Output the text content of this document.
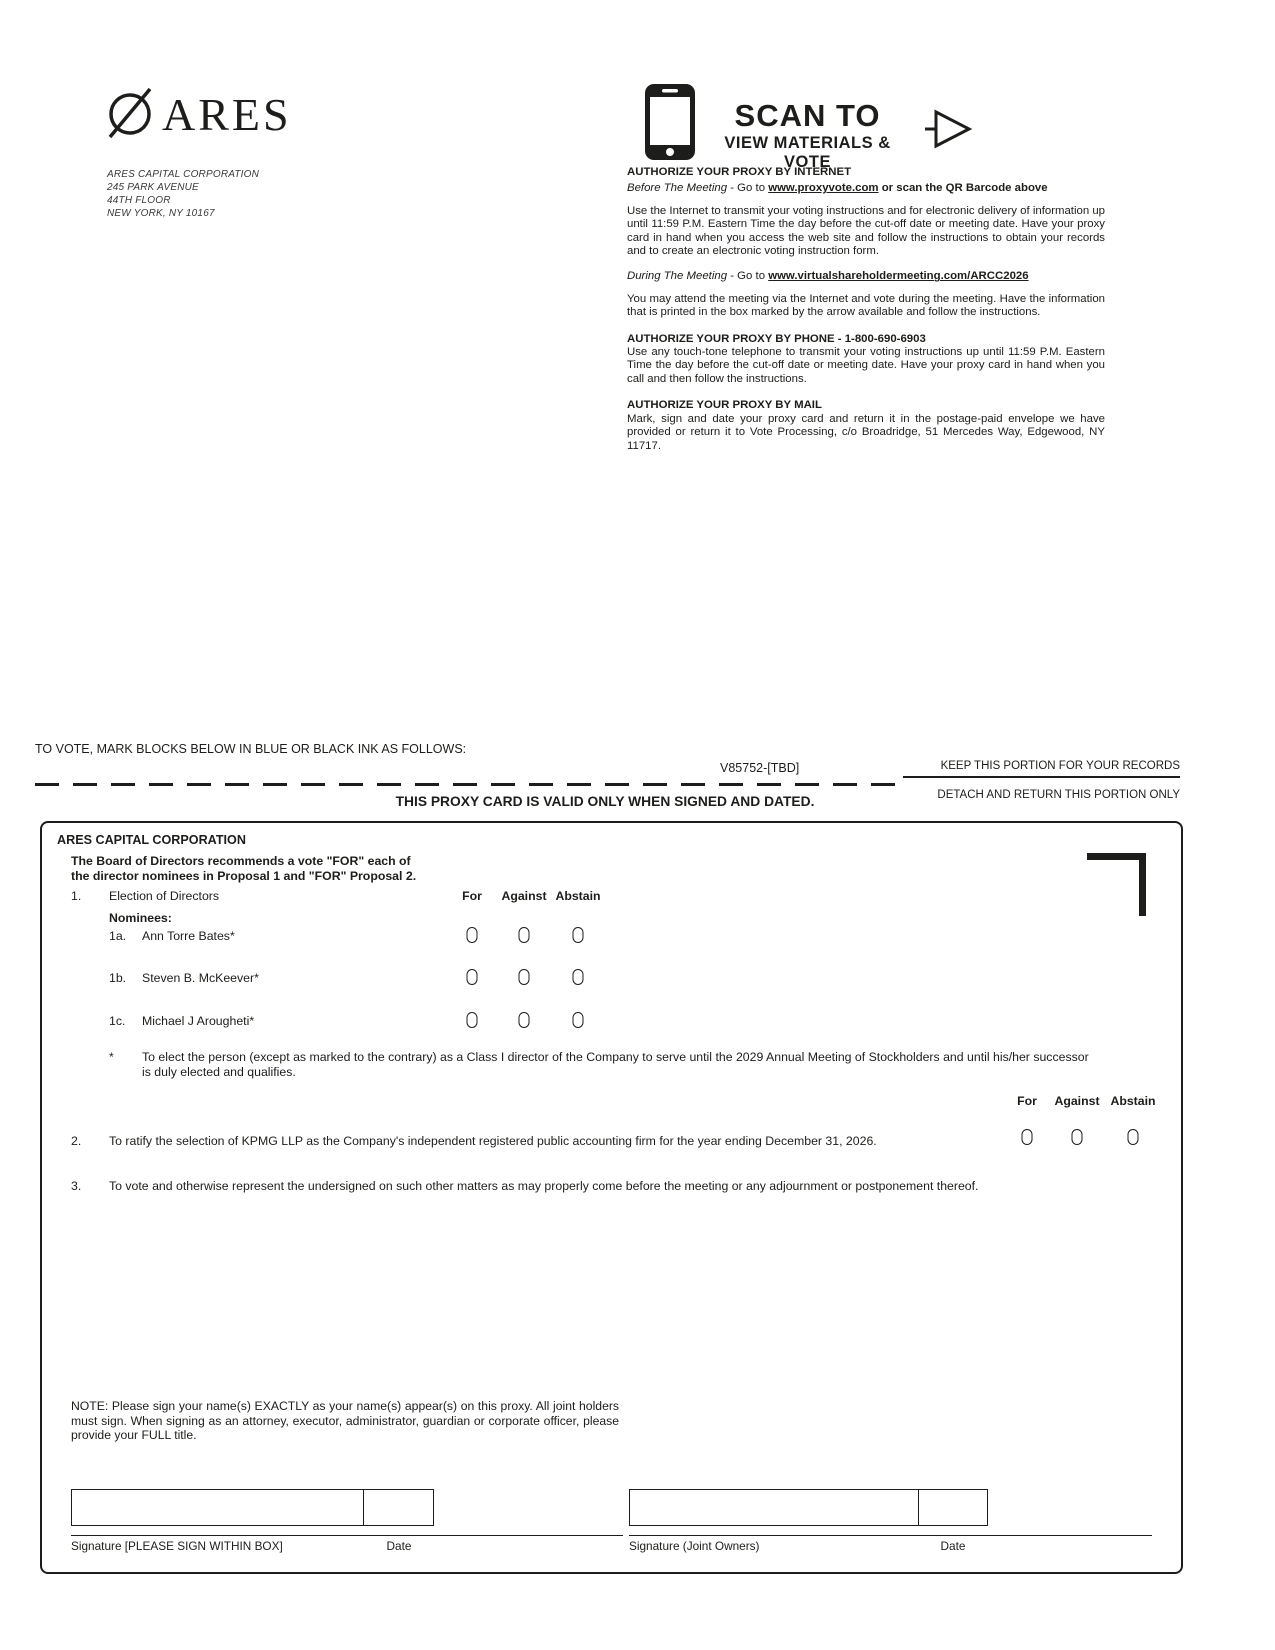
ARES
ARES CAPITAL CORPORATION
245 PARK AVENUE
44TH FLOOR
NEW YORK, NY 10167
SCAN TO
VIEW MATERIALS & VOTE
AUTHORIZE YOUR PROXY BY INTERNET
Before The Meeting - Go to www.proxyvote.com or scan the QR Barcode above
Use the Internet to transmit your voting instructions and for electronic delivery of information up until 11:59 P.M. Eastern Time the day before the cut-off date or meeting date. Have your proxy card in hand when you access the web site and follow the instructions to obtain your records and to create an electronic voting instruction form.
During The Meeting - Go to www.virtualshareholdermeeting.com/ARCC2026
You may attend the meeting via the Internet and vote during the meeting. Have the information that is printed in the box marked by the arrow available and follow the instructions.
AUTHORIZE YOUR PROXY BY PHONE - 1-800-690-6903
Use any touch-tone telephone to transmit your voting instructions up until 11:59 P.M. Eastern Time the day before the cut-off date or meeting date. Have your proxy card in hand when you call and then follow the instructions.
AUTHORIZE YOUR PROXY BY MAIL
Mark, sign and date your proxy card and return it in the postage-paid envelope we have provided or return it to Vote Processing, c/o Broadridge, 51 Mercedes Way, Edgewood, NY 11717.
TO VOTE, MARK BLOCKS BELOW IN BLUE OR BLACK INK AS FOLLOWS:
V85752-[TBD]	KEEP THIS PORTION FOR YOUR RECORDS
DETACH AND RETURN THIS PORTION ONLY
THIS PROXY CARD IS VALID ONLY WHEN SIGNED AND DATED.
ARES CAPITAL CORPORATION
The Board of Directors recommends a vote "FOR" each of
the director nominees in Proposal 1 and "FOR" Proposal 2.
1. Election of Directors	For Against Abstain
Nominees:
1a. Ann Torre Bates*
1b. Steven B. McKeever*
1c. Michael J Arougheti*
* To elect the person (except as marked to the contrary) as a Class I director of the Company to serve until the 2029 Annual Meeting of Stockholders and until his/her successor is duly elected and qualifies.
For Against Abstain
2. To ratify the selection of KPMG LLP as the Company's independent registered public accounting firm for the year ending December 31, 2026.
3. To vote and otherwise represent the undersigned on such other matters as may properly come before the meeting or any adjournment or postponement thereof.
NOTE: Please sign your name(s) EXACTLY as your name(s) appear(s) on this proxy. All joint holders must sign. When signing as an attorney, executor, administrator, guardian or corporate officer, please provide your FULL title.
Signature [PLEASE SIGN WITHIN BOX]	Date	Signature (Joint Owners)	Date
